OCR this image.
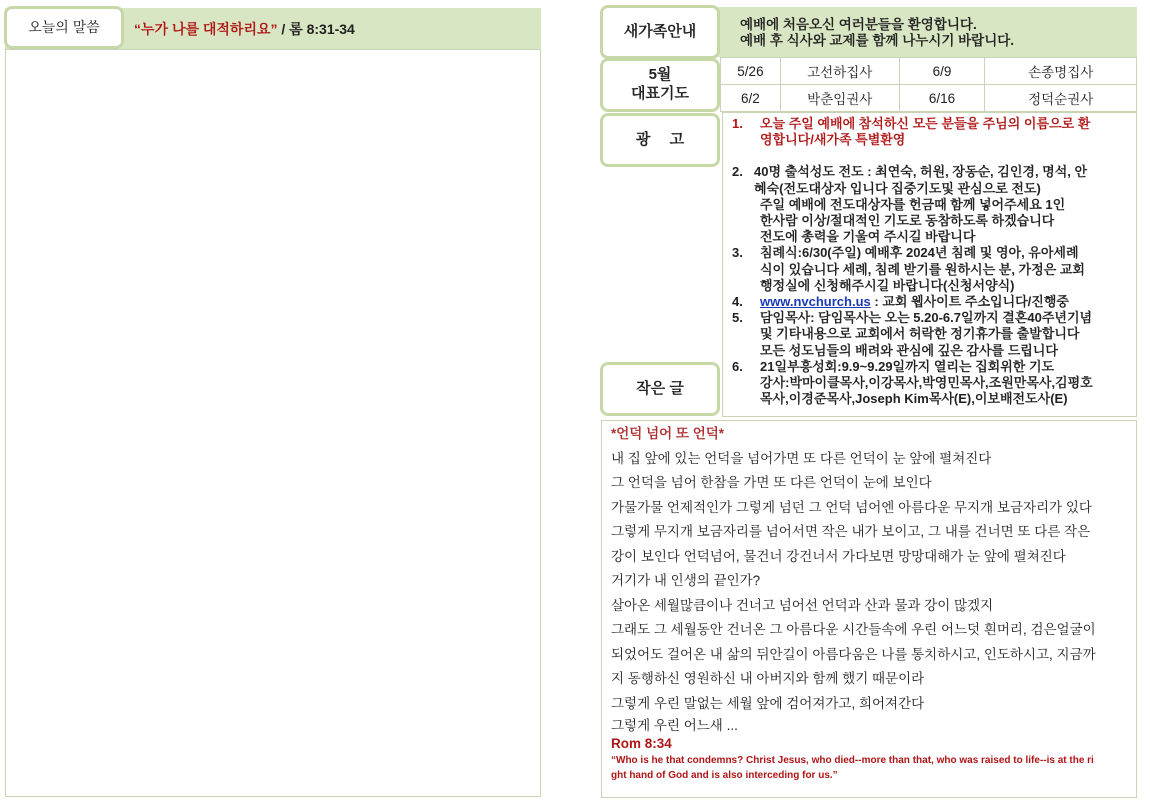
오늘의 말씀 “누가 나를 대적하리요” / 롬 8:31-34	예배에 처음오신 여러분들을 환영합니다.
예배 후 식사와 교제를 함께 나누시기 바랍니다.
새가족안내
5/26	고선하집사	6/9	손종명집사
6/2	박춘임권사	6/16	정덕순권사
5월
대표기도
1.	오늘 주일 예배에 참석하신 모든 분들을 주님의 이름으로 환
영합니다/새가족 특별환영
2. 40명 출석성도 전도 : 최연숙, 허원, 장동순, 김인경, 명석, 안
혜숙(전도대상자 입니다 집중기도및 관심으로 전도)
주일 예배에 전도대상자를 헌금때 함께 넣어주세요 1인
한사람 이상/절대적인 기도로 동참하도록 하겠습니다
전도에 총력을 기울여 주시길 바랍니다
3.	침례식:6/30(주일) 예배후 2024년 침례 및 영아, 유아세례
식이 있습니다 세례, 침례 받기를 원하시는 분, 가정은 교회
행정실에 신청해주시길 바랍니다(신청서양식)
4.	www.nvchurch.us : 교회 웹사이트 주소입니다/진행중
5.	담임목사: 담임목사는 오는 5.20-6.7일까지 결혼40주년기념
및 기타내용으로 교회에서 허락한 정기휴가를 출발합니다
모든 성도님들의 배려와 관심에 깊은 감사를 드립니다
6.	21일부흥성회:9.9~9.29일까지 열리는 집회위한 기도
강사:박마이클목사,이강목사,박영민목사,조원만목사,김평호
목사,이경준목사,Joseph Kim목사(E),이보배전도사(E)
광　 고
작은 글
*언덕 넘어 또 언덕*
내 집 앞에 있는 언덕을 넘어가면 또 다른 언덕이 눈 앞에 펼쳐진다
그 언덕을 넘어 한참을 가면 또 다른 언덕이 눈에 보인다
가물가물 언제적인가 그렇게 넘던 그 언덕 넘어엔 아름다운 무지개 보금자리가 있다
그렇게 무지개 보금자리를 넘어서면 작은 내가 보이고, 그 내를 건너면 또 다른 작은
강이 보인다 언덕넘어, 물건너 강건너서 가다보면 망망대해가 눈 앞에 펼쳐진다
거기가 내 인생의 끝인가?
살아온 세월많큼이나 건너고 넘어선 언덕과 산과 물과 강이 많겠지
그래도 그 세월동안 건너온 그 아름다운 시간들속에 우린 어느덧 흰머리, 검은얼굴이
되었어도 걸어온 내 삶의 뒤안길이 아름다움은 나를 통치하시고, 인도하시고, 지금까
지 동행하신 영원하신 내 아버지와 함께 했기 때문이라
그렇게 우린 말없는 세월 앞에 검어져가고, 희어져간다
그렇게 우린 어느새 ...
Rom 8:34
“Who is he that condemns? Christ Jesus, who died--more than that, who was raised to life--is at the ri
ght hand of God and is also interceding for us.”
